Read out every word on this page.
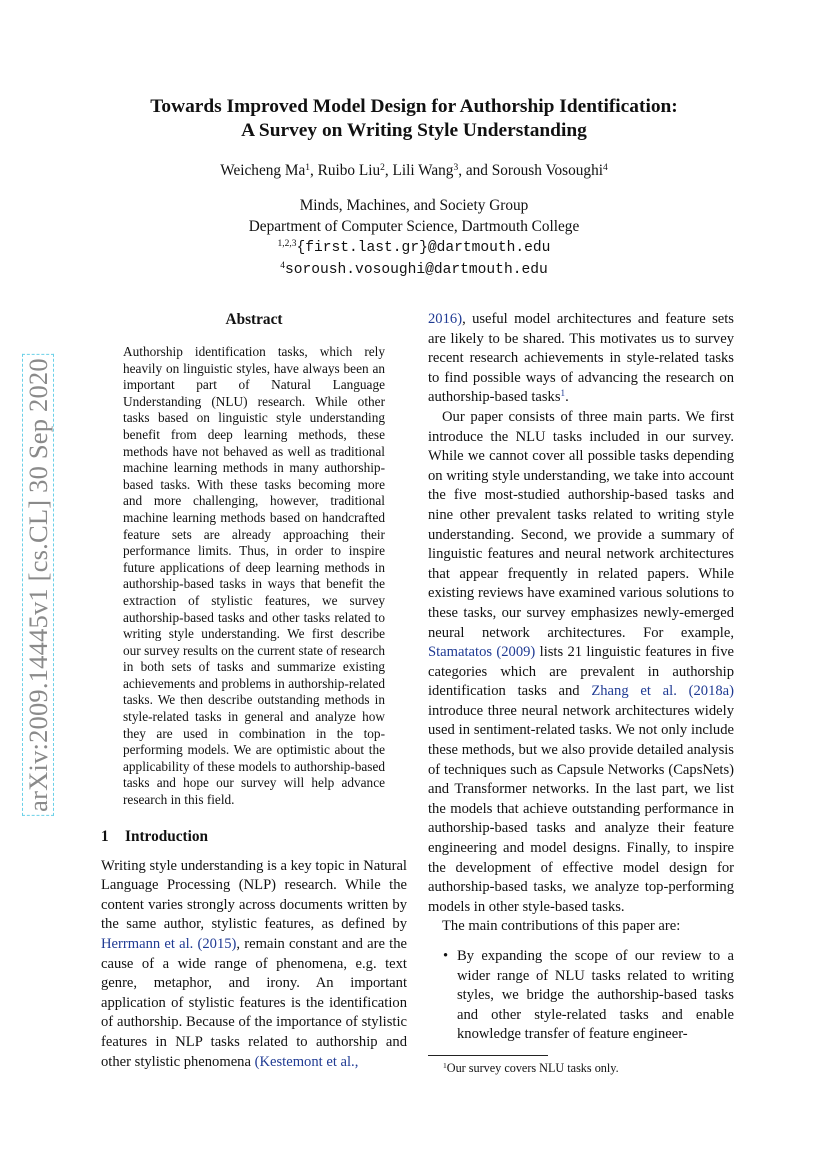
arXiv:2009.14445v1 [cs.CL] 30 Sep 2020
Towards Improved Model Design for Authorship Identification:
A Survey on Writing Style Understanding
Weicheng Ma$^1$, Ruibo Liu$^2$, Lili Wang$^3$, and Soroush Vosoughi$^4$
Minds, Machines, and Society Group
Department of Computer Science, Dartmouth College
$^{1,2,3}${first.last.gr}@dartmouth.edu
$^4$soroush.vosoughi@dartmouth.edu
Abstract

Authorship identification tasks, which rely heavily on linguistic styles, have always been an important part of Natural Language Understanding (NLU) research. While other tasks based on linguistic style understanding benefit from deep learning methods, these methods have not behaved as well as traditional machine learning methods in many authorship-based tasks. With these tasks becoming more and more challenging, however, traditional machine learning methods based on handcrafted feature sets are already approaching their performance limits. Thus, in order to inspire future applications of deep learning methods in authorship-based tasks in ways that benefit the extraction of stylistic features, we survey authorship-based tasks and other tasks related to writing style understanding. We first describe our survey results on the current state of research in both sets of tasks and summarize existing achievements and problems in authorship-related tasks. We then describe outstanding methods in style-related tasks in general and analyze how they are used in combination in the top-performing models. We are optimistic about the applicability of these models to authorship-based tasks and hope our survey will help advance research in this field.

1 Introduction

Writing style understanding is a key topic in Natural Language Processing (NLP) research. While the content varies strongly across documents written by the same author, stylistic features, as defined by Herrmann et al. (2015), remain constant and are the cause of a wide range of phenomena, e.g. text genre, metaphor, and irony. An important application of stylistic features is the identification of authorship. Because of the importance of stylistic features in NLP tasks related to authorship and other stylistic phenomena (Kestemont et al.,

2016), useful model architectures and feature sets are likely to be shared. This motivates us to survey recent research achievements in style-related tasks to find possible ways of advancing the research on authorship-based tasks$^1$.

Our paper consists of three main parts. We first introduce the NLU tasks included in our survey. While we cannot cover all possible tasks depending on writing style understanding, we take into account the five most-studied authorship-based tasks and nine other prevalent tasks related to writing style understanding. Second, we provide a summary of linguistic features and neural network architectures that appear frequently in related papers. While existing reviews have examined various solutions to these tasks, our survey emphasizes newly-emerged neural network architectures. For example, Stamatatos (2009) lists 21 linguistic features in five categories which are prevalent in authorship identification tasks and Zhang et al. (2018a) introduce three neural network architectures widely used in sentiment-related tasks. We not only include these methods, but we also provide detailed analysis of techniques such as Capsule Networks (CapsNets) and Transformer networks. In the last part, we list the models that achieve outstanding performance in authorship-based tasks and analyze their feature engineering and model designs. Finally, to inspire the development of effective model design for authorship-based tasks, we analyze top-performing models in other style-based tasks.

The main contributions of this paper are:

• By expanding the scope of our review to a wider range of NLU tasks related to writing styles, we bridge the authorship-based tasks and other style-related tasks and enable knowledge transfer of feature engineer-

$^1$Our survey covers NLU tasks only.
